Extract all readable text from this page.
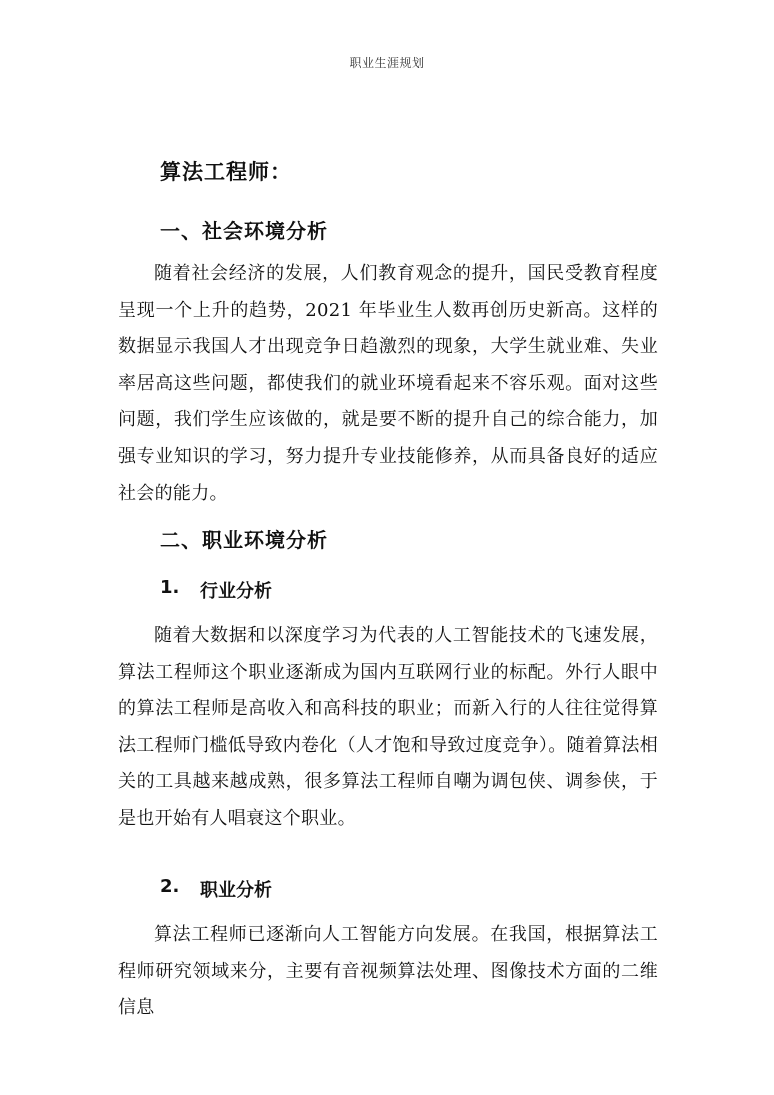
职业生涯规划
算法工程师：
一、社会环境分析

随着社会经济的发展，人们教育观念的提升，国民受教育程度呈现一个上升的趋势，2021 年毕业生人数再创历史新高。这样的数据显示我国人才出现竞争日趋激烈的现象，大学生就业难、失业率居高这些问题，都使我们的就业环境看起来不容乐观。面对这些问题，我们学生应该做的，就是要不断的提升自己的综合能力，加强专业知识的学习，努力提升专业技能修养，从而具备良好的适应社会的能力。

二、职业环境分析
1.	行业分析

随着大数据和以深度学习为代表的人工智能技术的飞速发展，算法工程师这个职业逐渐成为国内互联网行业的标配。外行人眼中的算法工程师是高收入和高科技的职业；而新入行的人往往觉得算法工程师门槛低导致内卷化（人才饱和导致过度竞争）。随着算法相关的工具越来越成熟，很多算法工程师自嘲为调包侠、调参侠，于是也开始有人唱衰这个职业。

2.	职业分析

算法工程师已逐渐向人工智能方向发展。在我国，根据算法工程师研究领域来分，主要有音视频算法处理、图像技术方面的二维信息
